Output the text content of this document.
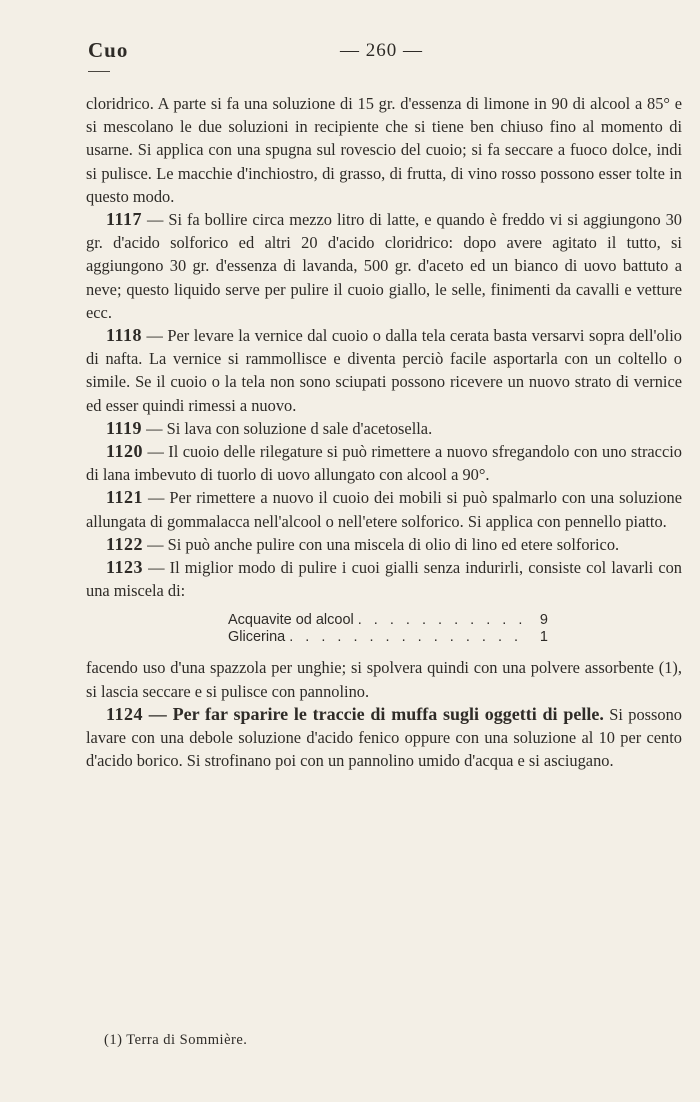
Cuo	— 260 —

cloridrico. A parte si fa una soluzione di 15 gr. d'essenza di limone in 90 di alcool a 85° e si mescolano le due soluzioni in recipiente che si tiene ben chiuso fino al momento di usarne. Si applica con una spugna sul rovescio del cuoio; si fa seccare a fuoco dolce, indi si pulisce. Le macchie d'inchiostro, di grasso, di frutta, di vino rosso possono esser tolte in questo modo.

1117 — Si fa bollire circa mezzo litro di latte, e quando è freddo vi si aggiungono 30 gr. d'acido solforico ed altri 20 d'acido cloridrico: dopo avere agitato il tutto, si aggiungono 30 gr. d'essenza di lavanda, 500 gr. d'aceto ed un bianco di uovo battuto a neve; questo liquido serve per pulire il cuoio giallo, le selle, finimenti da cavalli e vetture ecc.

1118 — Per levare la vernice dal cuoio o dalla tela cerata basta versarvi sopra dell'olio di nafta. La vernice si rammollisce e diventa perciò facile asportarla con un coltello o simile. Se il cuoio o la tela non sono sciupati possono ricevere un nuovo strato di vernice ed esser quindi rimessi a nuovo.

1119 — Si lava con soluzione d sale d'acetosella.

1120 — Il cuoio delle rilegature si può rimettere a nuovo sfregandolo con uno straccio di lana imbevuto di tuorlo di uovo allungato con alcool a 90°.

1121 — Per rimettere a nuovo il cuoio dei mobili si può spalmarlo con una soluzione allungata di gommalacca nell'alcool o nell'etere solforico. Si applica con pennello piatto.

1122 — Si può anche pulire con una miscela di olio di lino ed etere solforico.

1123 — Il miglior modo di pulire i cuoi gialli senza indurirli, consiste col lavarli con una miscela di:

Acquavite od alcool . . .	9
Glicerina . . .	1

facendo uso d'una spazzola per unghie; si spolvera quindi con una polvere assorbente (1), si lascia seccare e si pulisce con pannolino.

1124 — Per far sparire le traccie di muffa sugli oggetti di pelle. Si possono lavare con una debole soluzione d'acido fenico oppure con una soluzione al 10 per cento d'acido borico. Si strofinano poi con un pannolino umido d'acqua e si asciugano.

(1) Terra di Sommière.
